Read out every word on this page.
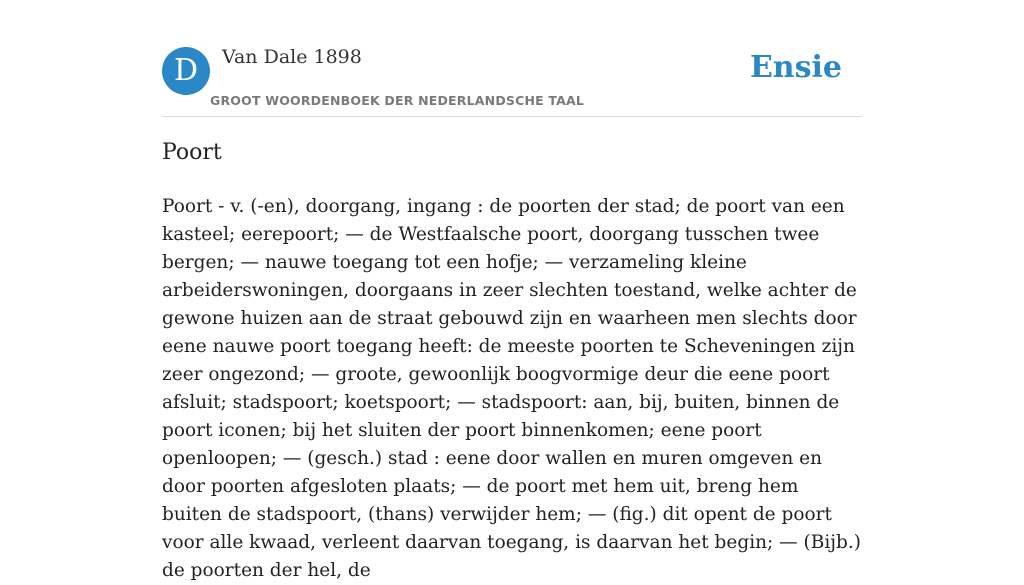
D	Van Dale 1898
GROOT WOORDENBOEK DER NEDERLANDSCHE TAAL
Ensie
Poort

Poort - v. (-en), doorgang, ingang : de poorten der stad; de poort van een kasteel; eerepoort; — de Westfaalsche poort, doorgang tusschen twee bergen; — nauwe toegang tot een hofje; — verzameling kleine arbeiderswoningen, doorgaans in zeer slechten toestand, welke achter de gewone huizen aan de straat gebouwd zijn en waarheen men slechts door eene nauwe poort toegang heeft: de meeste poorten te Scheveningen zijn zeer ongezond; — groote, gewoonlijk boogvormige deur die eene poort afsluit; stadspoort; koetspoort; — stadspoort: aan, bij, buiten, binnen de poort iconen; bij het sluiten der poort binnenkomen; eene poort openloopen; — (gesch.) stad : eene door wallen en muren omgeven en door poorten afgesloten plaats; — de poort met hem uit, breng hem buiten de stadspoort, (thans) verwijder hem; — (fig.) dit opent de poort voor alle kwaad, verleent daarvan toegang, is daarvan het begin; — (Bijb.) de poorten der hel, de
